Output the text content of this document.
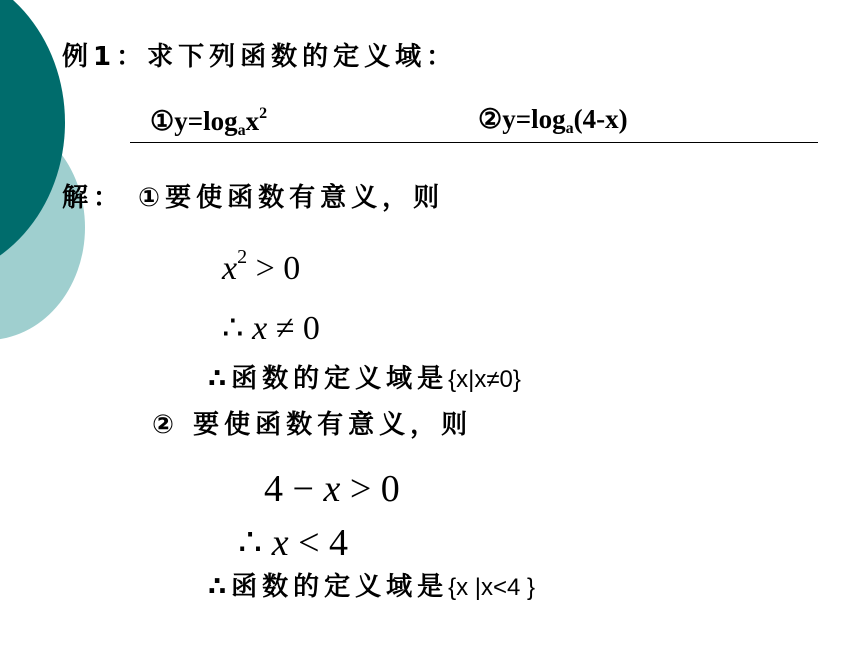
例1：求下列函数的定义域：
$①y=\log_ax^2$	$②y=\log_a(4-x)$
解： ①要使函数有意义，则
$x^2 > 0$
∴ x ≠ 0
∴函数的定义域是{x|x≠0}
② 要使函数有意义，则
4 − x > 0
∴ x < 4
∴函数的定义域是{x |x<4 }
